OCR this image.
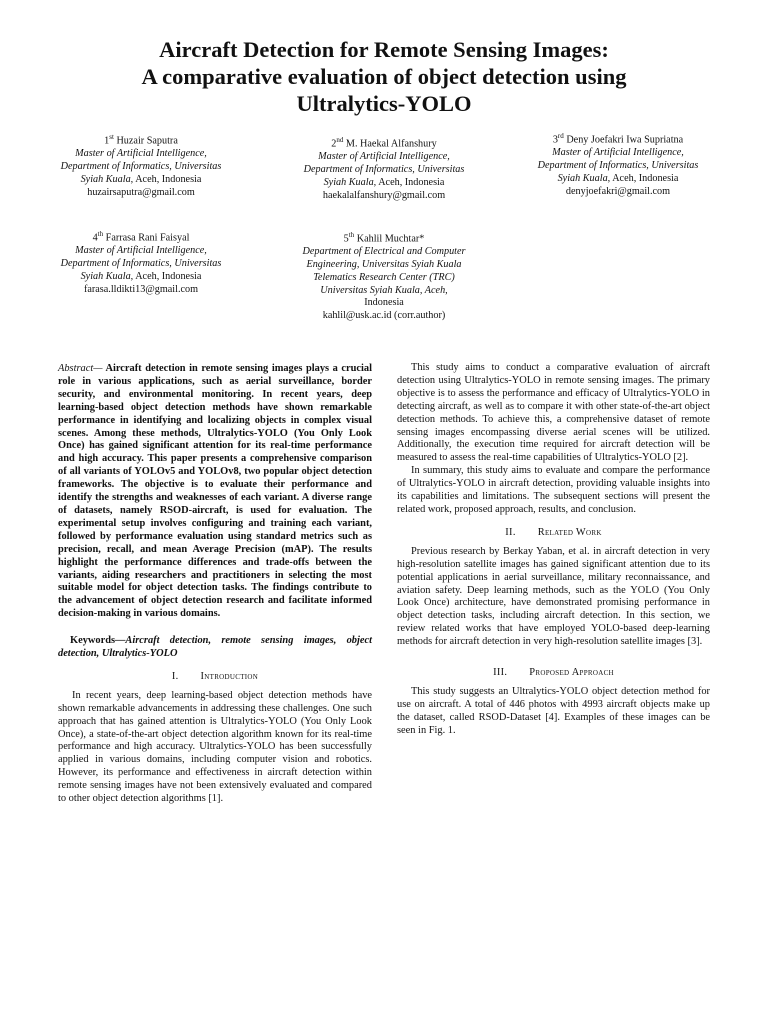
Aircraft Detection for Remote Sensing Images:
A comparative evaluation of object detection using
Ultralytics-YOLO
1st Huzair Saputra
Master of Artificial Intelligence,
Department of Informatics, Universitas
Syiah Kuala, Aceh, Indonesia
huzairsaputra@gmail.com
2nd M. Haekal Alfanshury
Master of Artificial Intelligence,
Department of Informatics, Universitas
Syiah Kuala, Aceh, Indonesia
haekalalfanshury@gmail.com
3rd Deny Joefakri Iwa Supriatna
Master of Artificial Intelligence,
Department of Informatics, Universitas
Syiah Kuala, Aceh, Indonesia
denyjoefakri@gmail.com
4th Farrasa Rani Faisyal
Master of Artificial Intelligence,
Department of Informatics, Universitas
Syiah Kuala, Aceh, Indonesia
farasa.lldikti13@gmail.com
5th Kahlil Muchtar*
Department of Electrical and Computer
Engineering, Universitas Syiah Kuala
Telematics Research Center (TRC)
Universitas Syiah Kuala, Aceh,
Indonesia
kahlil@usk.ac.id (corr.author)

Abstract— Aircraft detection in remote sensing images plays a crucial role in various applications, such as aerial surveillance, border security, and environmental monitoring. In recent years, deep learning-based object detection methods have shown remarkable performance in identifying and localizing objects in complex visual scenes. Among these methods, Ultralytics-YOLO (You Only Look Once) has gained significant attention for its real-time performance and high accuracy. This paper presents a comprehensive comparison of all variants of YOLOv5 and YOLOv8, two popular object detection frameworks. The objective is to evaluate their performance and identify the strengths and weaknesses of each variant. A diverse range of datasets, namely RSOD-aircraft, is used for evaluation. The experimental setup involves configuring and training each variant, followed by performance evaluation using standard metrics such as precision, recall, and mean Average Precision (mAP). The results highlight the performance differences and trade-offs between the variants, aiding researchers and practitioners in selecting the most suitable model for object detection tasks. The findings contribute to the advancement of object detection research and facilitate informed decision-making in various domains.

Keywords—Aircraft detection, remote sensing images, object detection, Ultralytics-YOLO

I. Introduction

In recent years, deep learning-based object detection methods have shown remarkable advancements in addressing these challenges. One such approach that has gained attention is Ultralytics-YOLO (You Only Look Once), a state-of-the-art object detection algorithm known for its real-time performance and high accuracy. Ultralytics-YOLO has been successfully applied in various domains, including computer vision and robotics. However, its performance and effectiveness in aircraft detection within remote sensing images have not been extensively evaluated and compared to other object detection algorithms [1].

This study aims to conduct a comparative evaluation of aircraft detection using Ultralytics-YOLO in remote sensing images. The primary objective is to assess the performance and efficacy of Ultralytics-YOLO in detecting aircraft, as well as to compare it with other state-of-the-art object detection methods. To achieve this, a comprehensive dataset of remote sensing images encompassing diverse aerial scenes will be utilized. Additionally, the execution time required for aircraft detection will be measured to assess the real-time capabilities of Ultralytics-YOLO [2].

In summary, this study aims to evaluate and compare the performance of Ultralytics-YOLO in aircraft detection, providing valuable insights into its capabilities and limitations. The subsequent sections will present the related work, proposed approach, results, and conclusion.

II. Related Work

Previous research by Berkay Yaban, et al. in aircraft detection in very high-resolution satellite images has gained significant attention due to its potential applications in aerial surveillance, military reconnaissance, and aviation safety. Deep learning methods, such as the YOLO (You Only Look Once) architecture, have demonstrated promising performance in object detection tasks, including aircraft detection. In this section, we review related works that have employed YOLO-based deep-learning methods for aircraft detection in very high-resolution satellite images [3].

III. Proposed Approach

This study suggests an Ultralytics-YOLO object detection method for use on aircraft. A total of 446 photos with 4993 aircraft objects make up the dataset, called RSOD-Dataset [4]. Examples of these images can be seen in Fig. 1.
